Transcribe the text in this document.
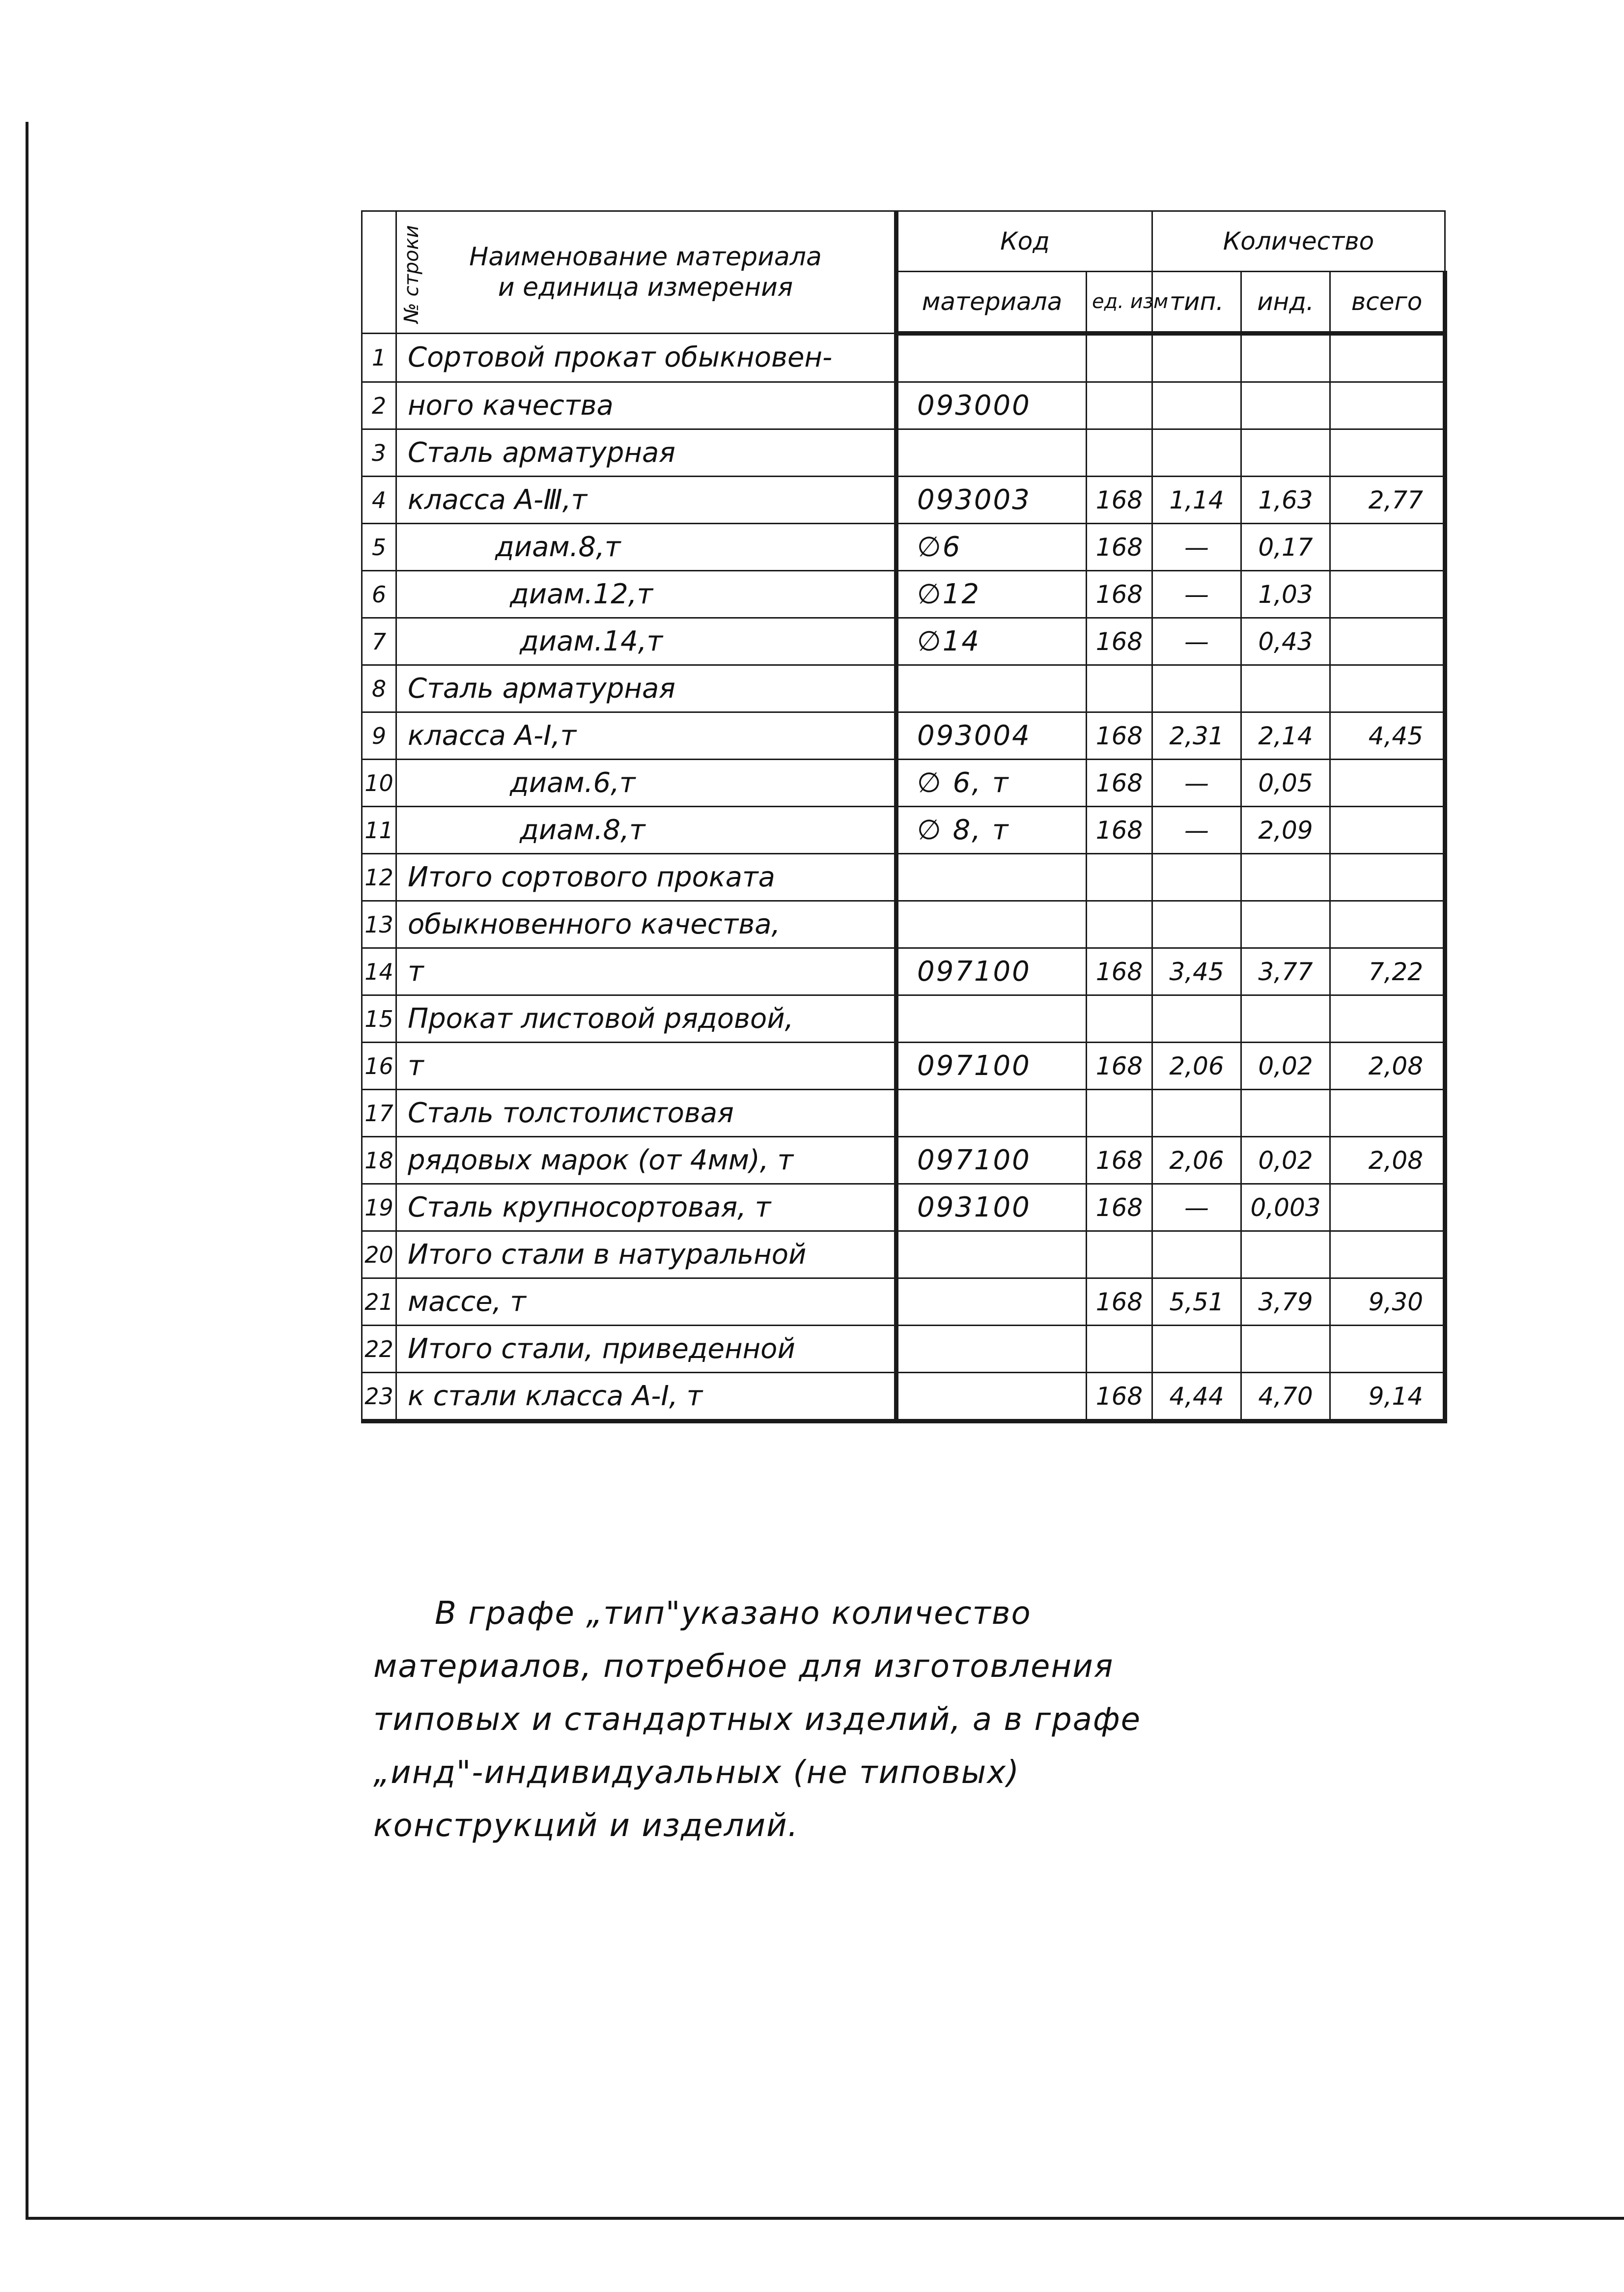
№ строки	Наименование материала
и единица измерения	Код		Количество		
		материала	ед. изм	тип.	инд.	всего
1	Сортовой прокат обыкновен-					
2	ного качества	093000				
3	Сталь арматурная					
4	класса А-Ⅲ,т	093003	168	1,14	1,63	2,77
5	диам.8,т	∅6	168	—	0,17	
6	диам.12,т	∅12	168	—	1,03	
7	диам.14,т	∅14	168	—	0,43	
8	Сталь арматурная					
9	класса А-Ⅰ,т	093004	168	2,31	2,14	4,45
10	диам.6,т	∅ 6, т	168	—	0,05	
11	диам.8,т	∅ 8, т	168	—	2,09	
12	Итого сортового проката					
13	обыкновенного качества,					
14	т	097100	168	3,45	3,77	7,22
15	Прокат листовой рядовой,					
16	т	097100	168	2,06	0,02	2,08
17	Сталь толстолистовая					
18	рядовых марок (от 4мм), т	097100	168	2,06	0,02	2,08
19	Сталь крупносортовая, т	093100	168	—	0,003	
20	Итого стали в натуральной					
21	массе, т		168	5,51	3,79	9,30
22	Итого стали, приведенной					
23	к стали класса А-Ⅰ, т		168	4,44	4,70	9,14

В графе „тип"указано количество

материалов, потребное для изготовления

типовых и стандартных изделий, а в графе

„инд"-индивидуальных (не типовых)

конструкций и изделий.
